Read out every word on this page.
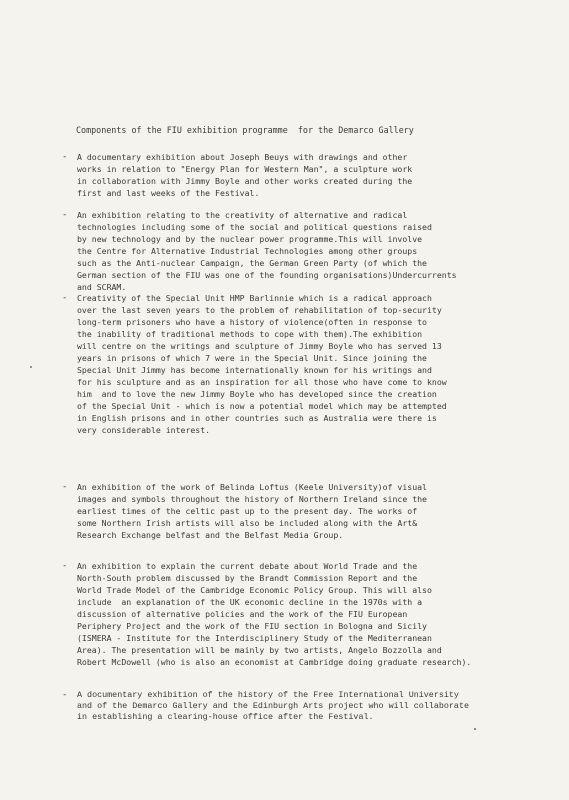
Components of the FIU exhibition programme  for the Demarco Gallery
- A documentary exhibition about Joseph Beuys with drawings and other
works in relation to "Energy Plan for Western Man", a sculpture work
in collaboration with Jimmy Boyle and other works created during the
first and last weeks of the Festival.
- An exhibition relating to the creativity of alternative and radical
technologies including some of the social and political questions raised
by new technology and by the nuclear power programme.This will involve
the Centre for Alternative Industrial Technologies among other groups
such as the Anti-nuclear Campaign, the German Green Party (of which the
German section of the FIU was one of the founding organisations)Undercurrents
and SCRAM.
- Creativity of the Special Unit HMP Barlinnie which is a radical approach
over the last seven years to the problem of rehabilitation of top-security
long-term prisoners who have a history of violence(often in response to
the inability of traditional methods to cope with them).The exhibition
will centre on the writings and sculpture of Jimmy Boyle who has served 13
years in prisons of which 7 were in the Special Unit. Since joining the
Special Unit Jimmy has become internationally known for his writings and
for his sculpture and as an inspiration for all those who have come to know
him  and to love the new Jimmy Boyle who has developed since the creation
of the Special Unit - which is now a potential model which may be attempted
in English prisons and in other countries such as Australia were there is
very considerable interest.
- An exhibition of the work of Belinda Loftus (Keele University)of visual
images and symbols throughout the history of Northern Ireland since the
earliest times of the celtic past up to the present day. The works of
some Northern Irish artists will also be included along with the Art&
Research Exchange belfast and the Belfast Media Group.
- An exhibition to explain the current debate about World Trade and the
North-South problem discussed by the Brandt Commission Report and the
World Trade Model of the Cambridge Economic Policy Group. This will also
include  an explanation of the UK economic decline in the 1970s with a
discussion of alternative policies and the work of the FIU European
Periphery Project and the work of the FIU section in Bologna and Sicily
(ISMERA - Institute for the Interdisciplinery Study of the Mediterranean
Area). The presentation will be mainly by two artists, Angelo Bozzolla and
Robert McDowell (who is also an economist at Cambridge doing graduate research).
- A documentary exhibition of the history of the Free International University
and of the Demarco Gallery and the Edinburgh Arts project who will collaborate
in establishing a clearing-house office after the Festival.
